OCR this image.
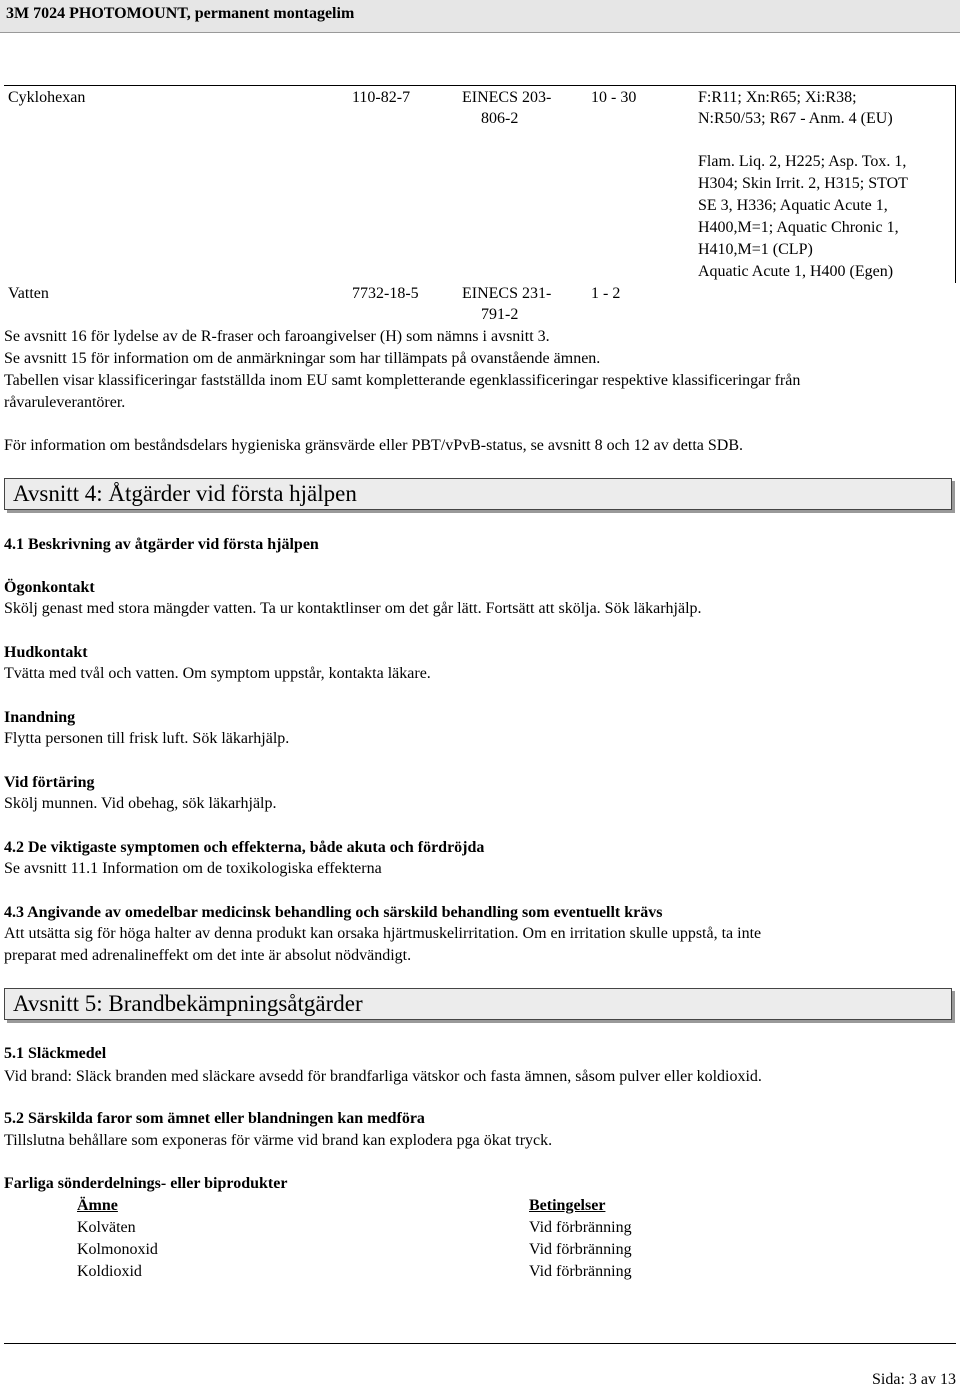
3M 7024 PHOTOMOUNT, permanent montagelim
Cyklohexan	110-82-7	EINECS 203-
806-2
10 - 30	F:R11; Xn:R65; Xi:R38;
N:R50/53; R67 - Anm. 4 (EU)
Flam. Liq. 2, H225; Asp. Tox. 1,
H304; Skin Irrit. 2, H315; STOT
SE 3, H336; Aquatic Acute 1,
H400,M=1; Aquatic Chronic 1,
H410,M=1 (CLP)
Aquatic Acute 1, H400 (Egen)
Vatten	7732-18-5	EINECS 231-
791-2
1 - 2
Se avsnitt 16 för lydelse av de R-fraser och faroangivelser (H) som nämns i avsnitt 3.
Se avsnitt 15 för information om de anmärkningar som har tillämpats på ovanstående ämnen.
Tabellen visar klassificeringar fastställda inom EU samt kompletterande egenklassificeringar respektive klassificeringar från
råvaruleverantörer.
För information om beståndsdelars hygieniska gränsvärde eller PBT/vPvB-status, se avsnitt 8 och 12 av detta SDB.
Avsnitt 4: Åtgärder vid första hjälpen
4.1 Beskrivning av åtgärder vid första hjälpen
Ögonkontakt
Skölj genast med stora mängder vatten. Ta ur kontaktlinser om det går lätt. Fortsätt att skölja. Sök läkarhjälp.
Hudkontakt
Tvätta med tvål och vatten. Om symptom uppstår, kontakta läkare.
Inandning
Flytta personen till frisk luft. Sök läkarhjälp.
Vid förtäring
Skölj munnen. Vid obehag, sök läkarhjälp.
4.2 De viktigaste symptomen och effekterna, både akuta och fördröjda
Se avsnitt 11.1 Information om de toxikologiska effekterna
4.3 Angivande av omedelbar medicinsk behandling och särskild behandling som eventuellt krävs
Att utsätta sig för höga halter av denna produkt kan orsaka hjärtmuskelirritation. Om en irritation skulle uppstå, ta inte
preparat med adrenalineffekt om det inte är absolut nödvändigt.
Avsnitt 5: Brandbekämpningsåtgärder
5.1 Släckmedel
Vid brand: Släck branden med släckare avsedd för brandfarliga vätskor och fasta ämnen, såsom pulver eller koldioxid.
5.2 Särskilda faror som ämnet eller blandningen kan medföra
Tillslutna behållare som exponeras för värme vid brand kan explodera pga ökat tryck.
Farliga sönderdelnings- eller biprodukter
Ämne	Betingelser
Kolväten	Vid förbränning
Kolmonoxid	Vid förbränning
Koldioxid	Vid förbränning
Sida: 3 av 13
